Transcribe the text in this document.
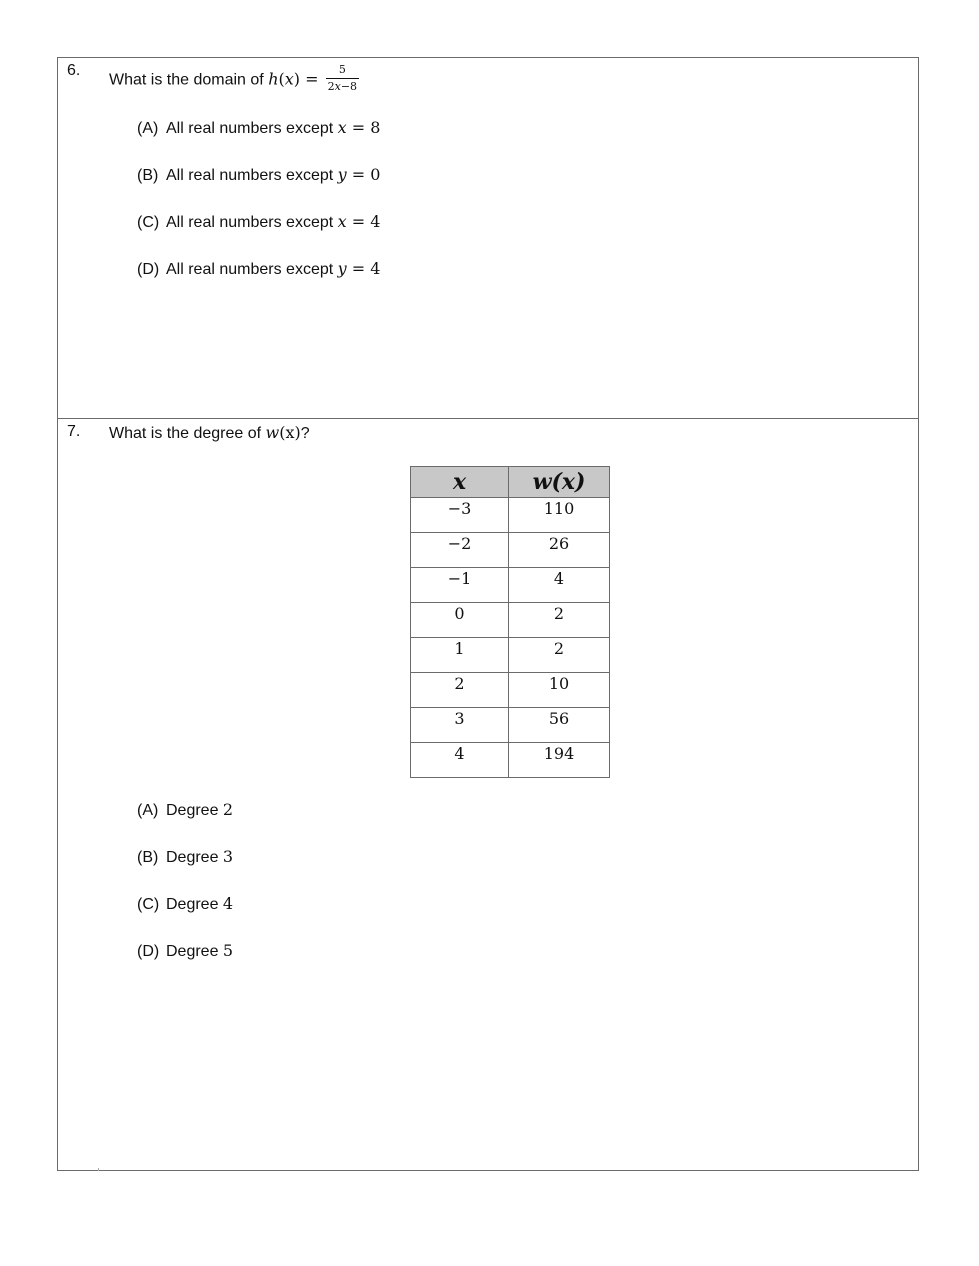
6.
What is the domain of $h(x) = \frac{5}{2x-8}$
(A) All real numbers except x = 8
(B) All real numbers except y = 0
(C) All real numbers except x = 4
(D) All real numbers except y = 4
7. What is the degree of w(x)?
x	w(x)
−3	110
−2	26
−1	4
0	2
1	2
2	10
3	56
4	194
(A) Degree 2
(B) Degree 3
(C) Degree 4
(D) Degree 5
